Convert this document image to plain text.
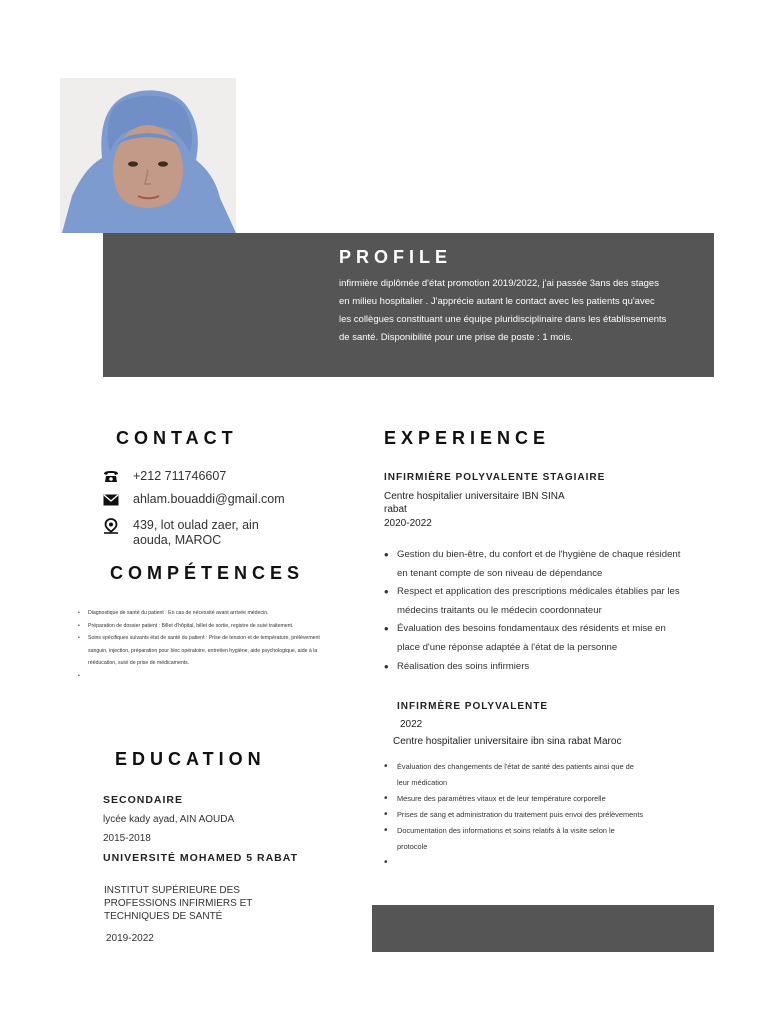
PROFILE
infirmière diplômée d'état promotion 2019/2022, j'ai passée 3ans des stages en milieu hospitalier . J'apprécie autant le contact avec les patients qu'avec les collègues constituant une équipe pluridisciplinaire dans les établissements de santé. Disponibilité pour une prise de poste : 1 mois.
CONTACT
+212 711746607
ahlam.bouaddi@gmail.com
439, lot oulad zaer, ain aouda, MAROC
COMPÉTENCES
• Diagnostique de santé du patient : En cas de nécessité avant arrivée médecin.
• Préparation de dossier patient : Billet d'hôpital, billet de sortie, registre de suivi traitement.
• Soins spécifiques suivants état de santé du patient : Prise de tension et de température, prélèvement sanguin, injection, préparation pour bloc opératoire, entretien hygiène, aide psychologique, aide à la rééducation, suivi de prise de médicaments.
EDUCATION
SECONDAIRE
lycée kady ayad, AIN AOUDA
2015-2018
UNIVERSITÉ MOHAMED 5 RABAT
INSTITUT SUPÉRIEURE DES PROFESSIONS INFIRMIERS ET TECHNIQUES DE SANTÉ
2019-2022
EXPERIENCE
INFIRMIÈRE POLYVALENTE STAGIAIRE
Centre hospitalier universitaire IBN SINA rabat
2020-2022
• Gestion du bien-être, du confort et de l'hygiène de chaque résident en tenant compte de son niveau de dépendance
• Respect et application des prescriptions médicales établies par les médecins traitants ou le médecin coordonnateur
• Évaluation des besoins fondamentaux des résidents et mise en place d'une réponse adaptée à l'état de la personne
• Réalisation des soins infirmiers
INFIRMÈRE POLYVALENTE
2022
Centre hospitalier universitaire ibn sina rabat Maroc
• Évaluation des changements de l'état de santé des patients ainsi que de leur médication
• Mesure des paramètres vitaux et de leur température corporelle
• Prises de sang et administration du traitement puis envoi des prélèvements
• Documentation des informations et soins relatifs à la visite selon le protocole
